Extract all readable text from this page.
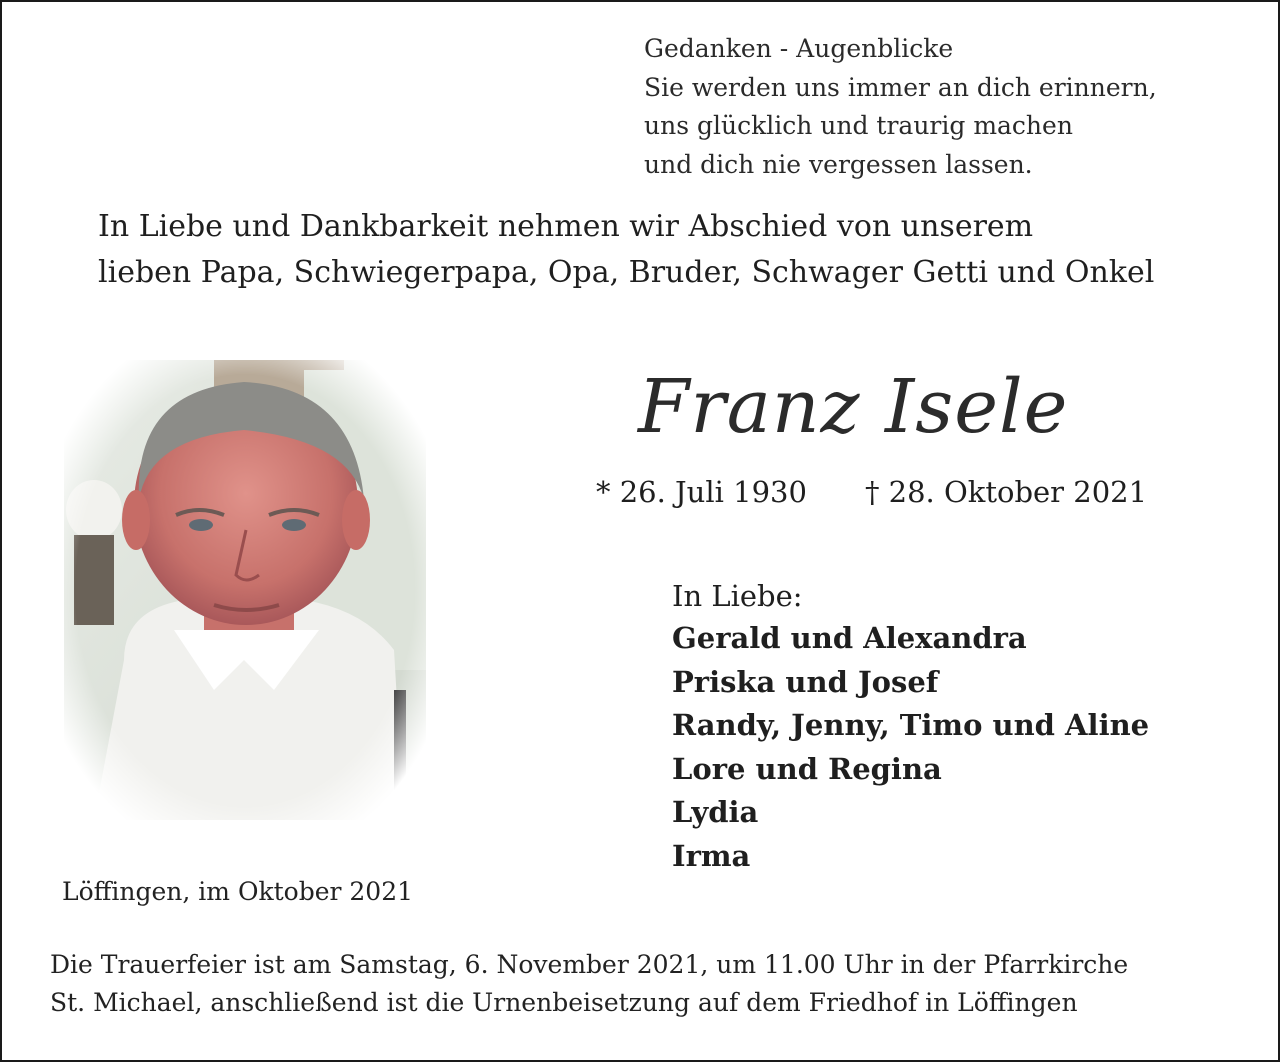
Gedanken - Augenblicke
Sie werden uns immer an dich erinnern,
uns glücklich und traurig machen
und dich nie vergessen lassen.
In Liebe und Dankbarkeit nehmen wir Abschied von unserem
lieben Papa, Schwiegerpapa, Opa, Bruder, Schwager Getti und Onkel
Franz Isele
* 26. Juli 1930 † 28. Oktober 2021
In Liebe:
Gerald und Alexandra
Priska und Josef
Randy, Jenny, Timo und Aline
Lore und Regina
Lydia
Irma
Löffingen, im Oktober 2021
Die Trauerfeier ist am Samstag, 6. November 2021, um 11.00 Uhr in der Pfarrkirche
St. Michael, anschließend ist die Urnenbeisetzung auf dem Friedhof in Löffingen
